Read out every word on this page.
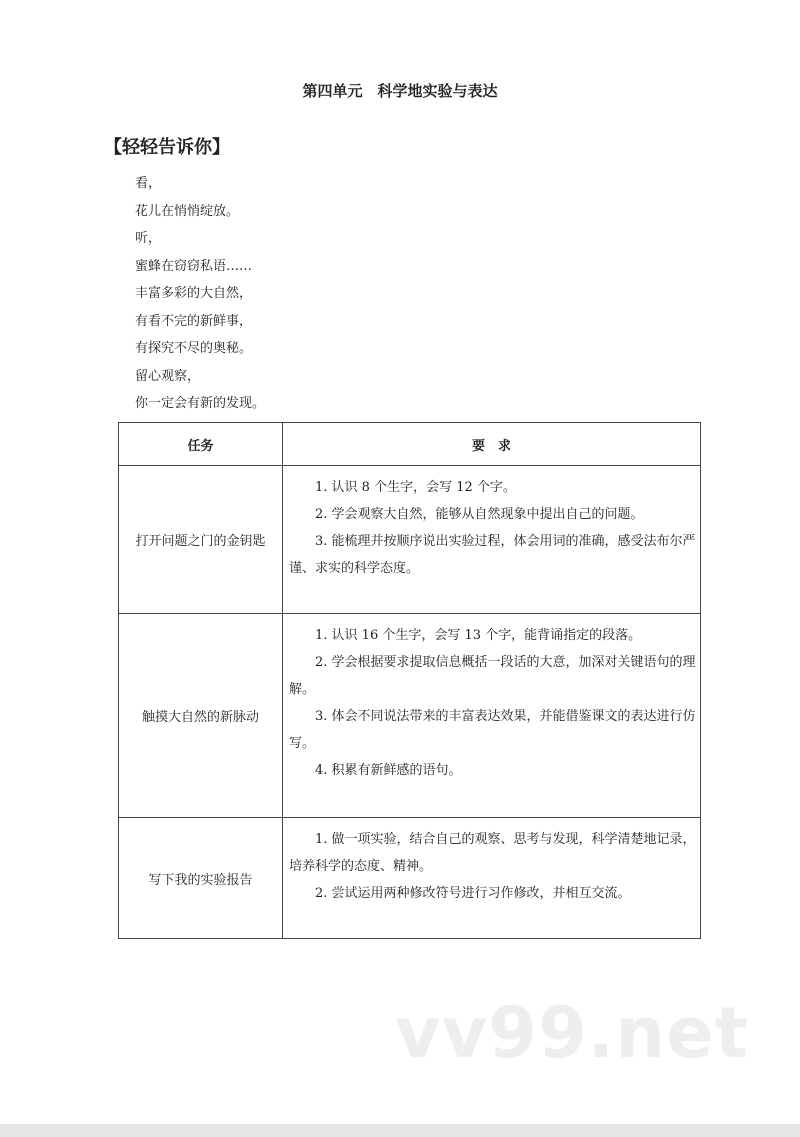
第四单元　科学地实验与表达
【轻轻告诉你】
看，
花儿在悄悄绽放。
听，
蜜蜂在窃窃私语……
丰富多彩的大自然，
有看不完的新鲜事，
有探究不尽的奥秘。
留心观察，
你一定会有新的发现。
任务	要　求
打开问题之门的金钥匙	1. 认识 8 个生字，会写 12 个字。

2. 学会观察大自然，能够从自然现象中提出自己的问题。

3. 能梳理并按顺序说出实验过程，体会用词的准确，感受法布尔严谨、求实的科学态度。

触摸大自然的新脉动	1. 认识 16 个生字，会写 13 个字，能背诵指定的段落。

2. 学会根据要求提取信息概括一段话的大意，加深对关键语句的理解。

3. 体会不同说法带来的丰富表达效果，并能借鉴课文的表达进行仿写。

4. 积累有新鲜感的语句。

写下我的实验报告	1. 做一项实验，结合自己的观察、思考与发现，科学清楚地记录，培养科学的态度、精神。

2. 尝试运用两种修改符号进行习作修改，并相互交流。

vv99.net
